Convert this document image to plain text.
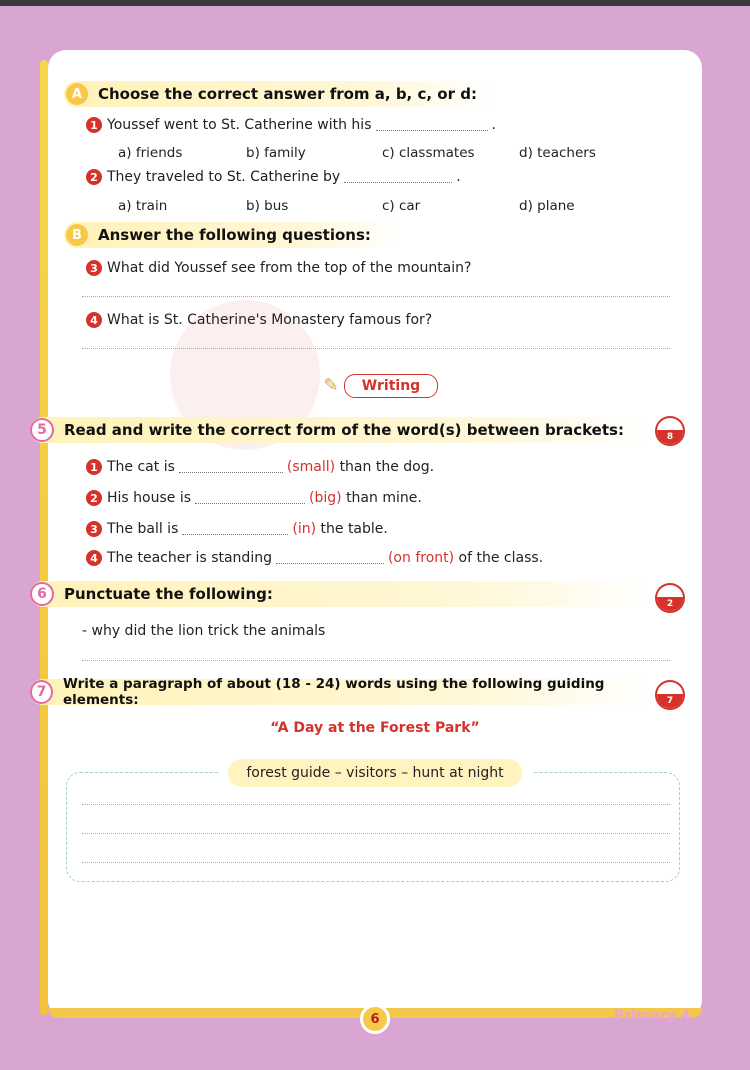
A	Choose the correct answer from a, b, c, or d:
1 Youssef went to St. Catherine with his	.
a) friends	b) family	c) classmates	d) teachers
2 They traveled to St. Catherine by	.
a) train	b) bus	c) car	d) plane
B	Answer the following questions:
3 What did Youssef see from the top of the mountain?
4 What is St. Catherine's Monastery famous for?
✎	Writing
5	Read and write the correct form of the word(s) between brackets:	8
1 The cat is	(small)
than the dog.
2 His house is	(big)
than mine.
3 The ball is	(in)
the table.
4 The teacher is standing	(on front)
of the class.
6	Punctuate the following:
2
- why did the lion trick the animals
7	Write a paragraph of about (18 - 24) words using the following guiding elements:	7
“A Day at the Forest Park”
forest guide – visitors – hunt at night
6	Primary 4
